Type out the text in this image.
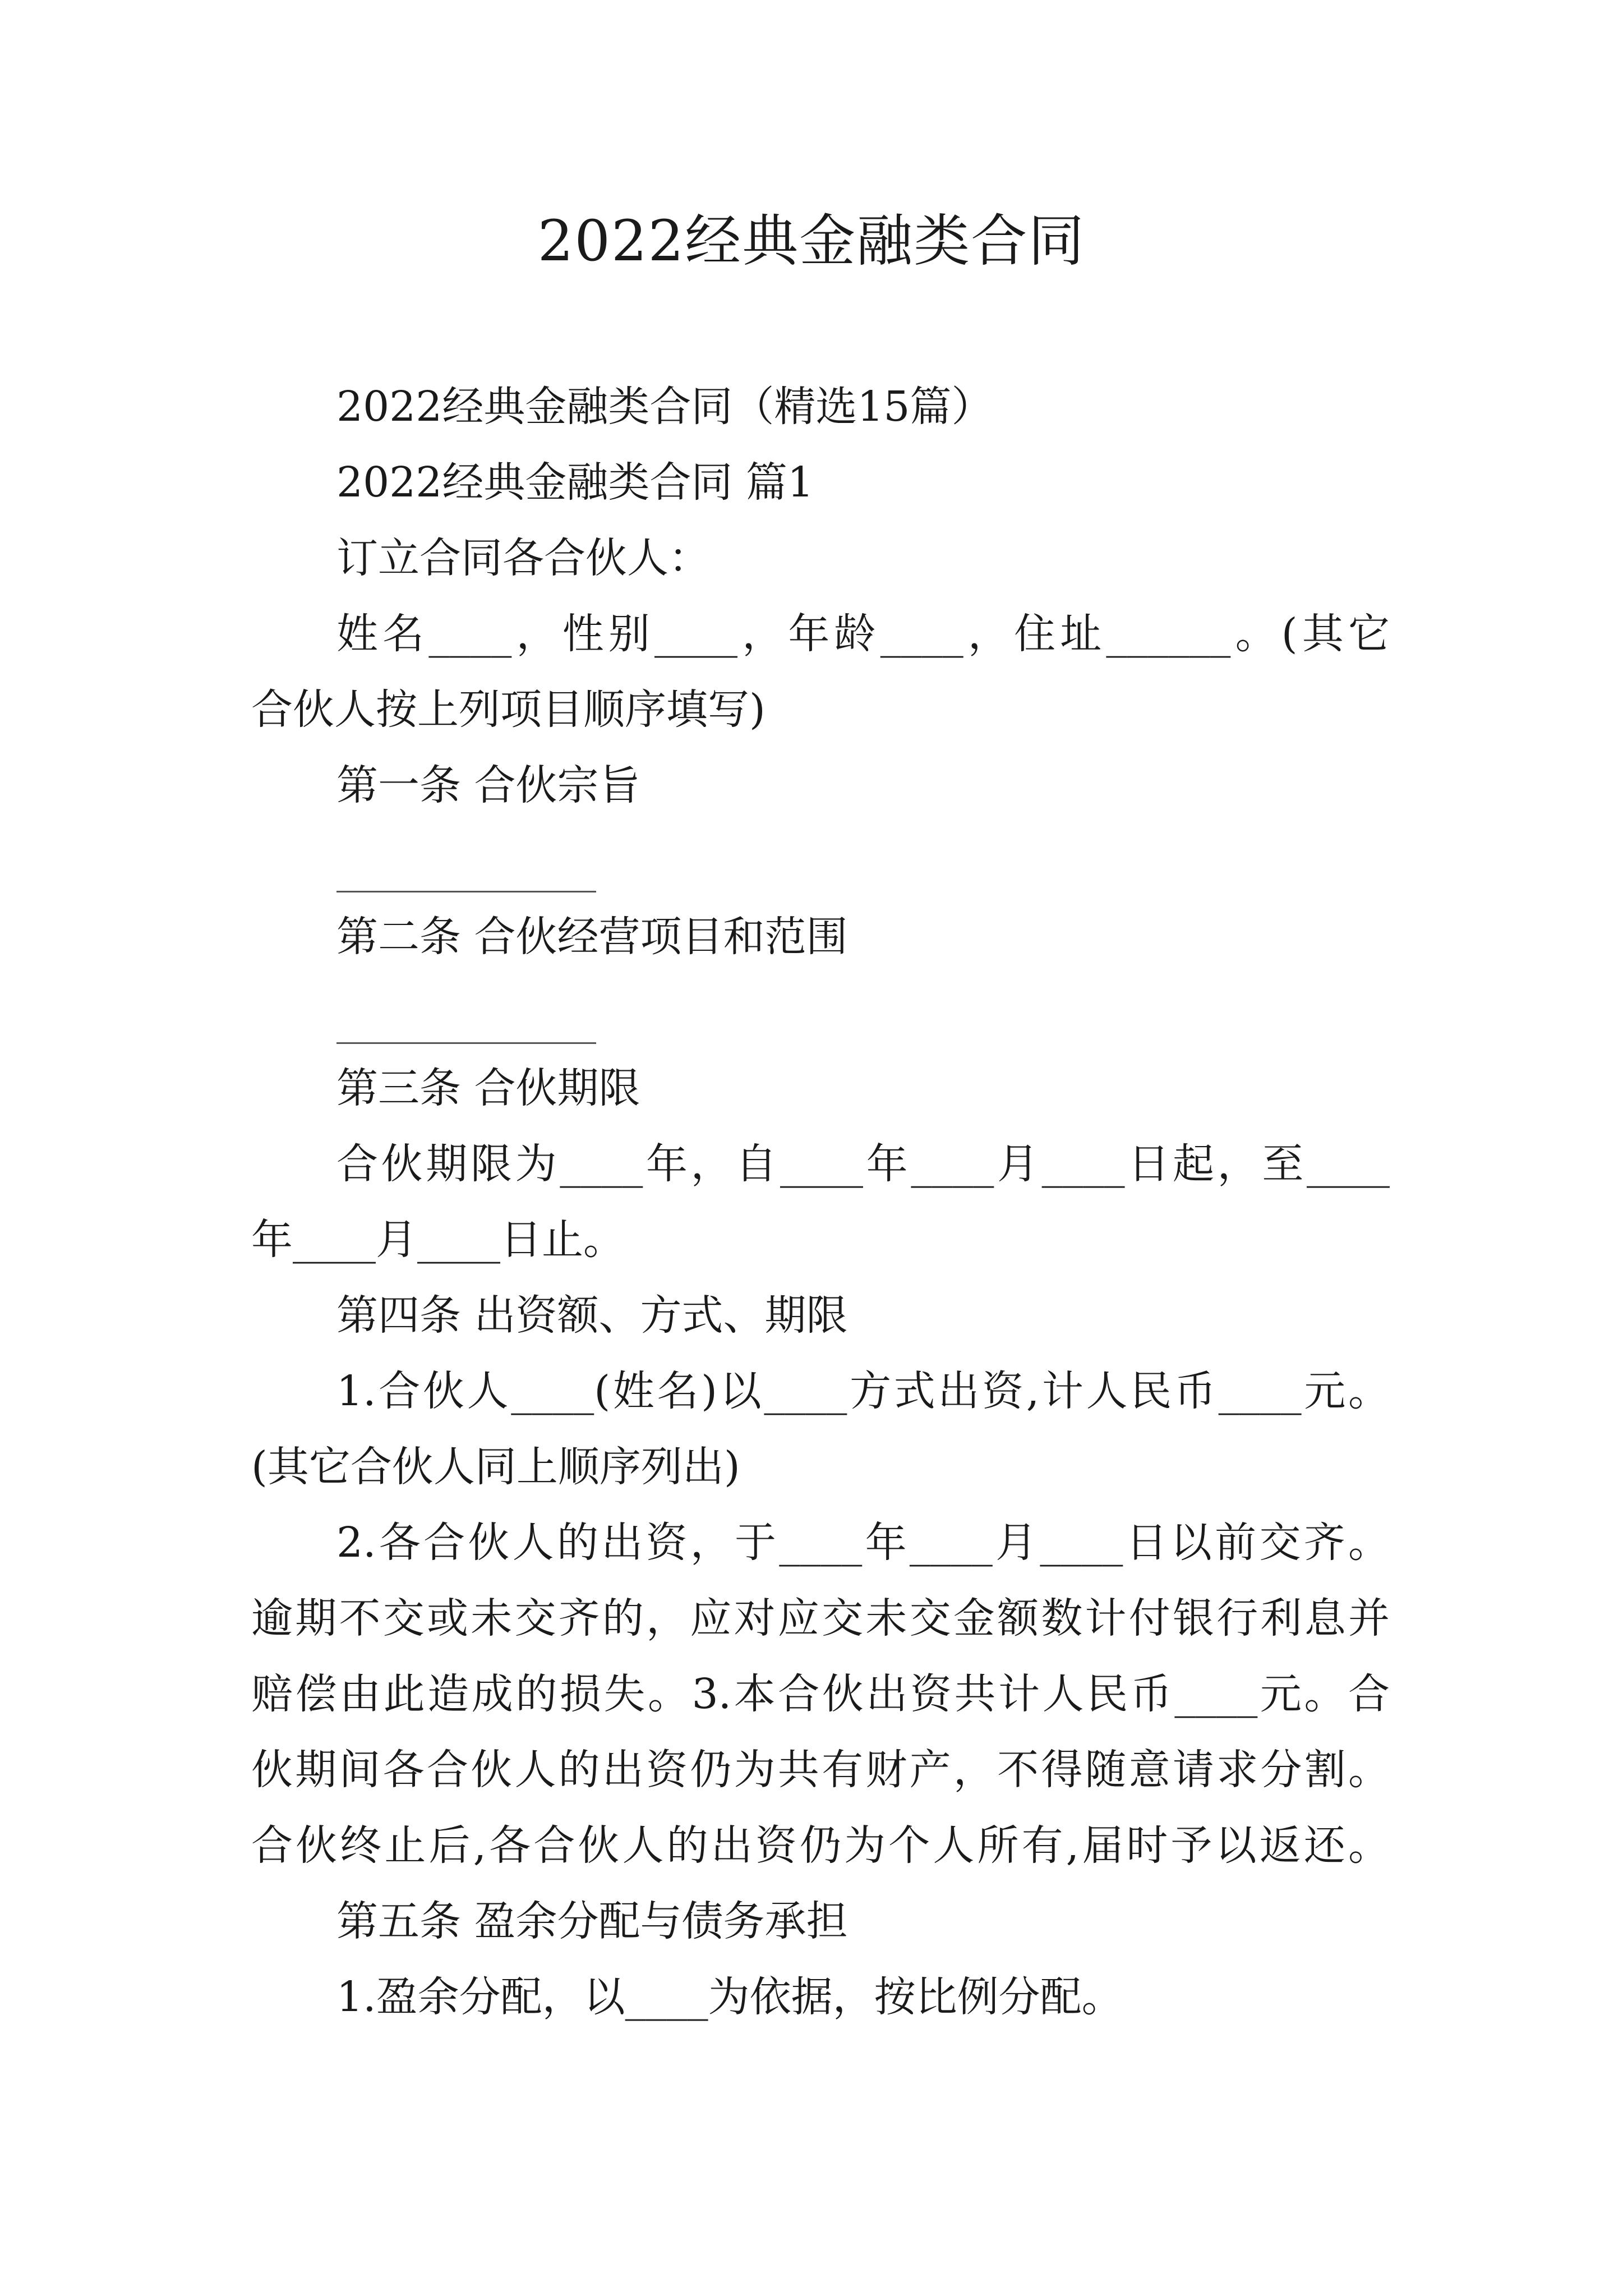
2022经典金融类合同

2022经典金融类合同（精选15篇）

2022经典金融类合同 篇1

订立合同各合伙人：

姓名____，性别____，年龄____，住址______。(其它

合伙人按上列项目顺序填写)

第一条 合伙宗旨

第二条 合伙经营项目和范围

第三条 合伙期限

合伙期限为____年，自____年____月____日起，至____

年____月____日止。

第四条 出资额、方式、期限

1.合伙人____(姓名)以____方式出资,计人民币____元。

(其它合伙人同上顺序列出)

2.各合伙人的出资，于____年____月____日以前交齐。

逾期不交或未交齐的，应对应交未交金额数计付银行利息并

赔偿由此造成的损失。3.本合伙出资共计人民币____元。合

伙期间各合伙人的出资仍为共有财产，不得随意请求分割。

合伙终止后,各合伙人的出资仍为个人所有,届时予以返还。

第五条 盈余分配与债务承担

1.盈余分配，以____为依据，按比例分配。
